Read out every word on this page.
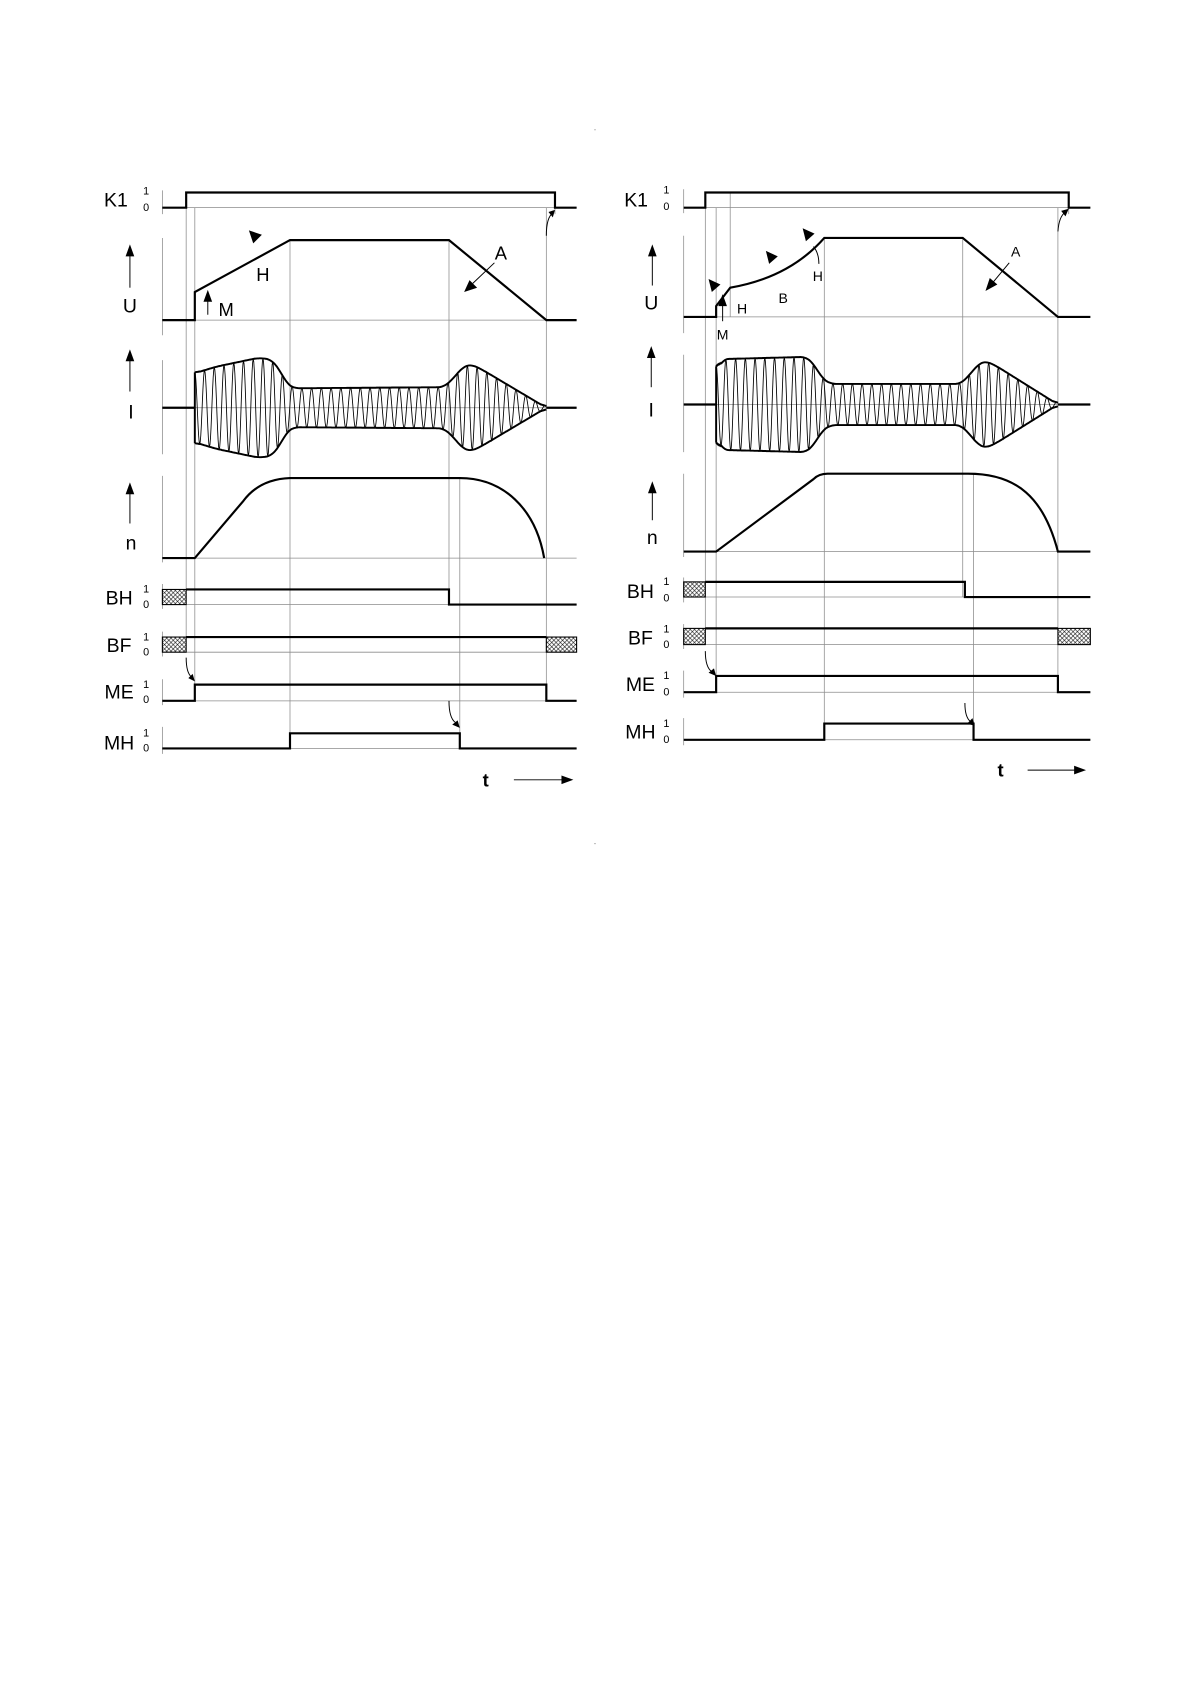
K1 1
0
U
I
n
BH 1
0
BF 1
0
ME 1
0
MH 1
0
H
M
A
t
K1 1
0
U
I
n
BH 1
0
BF 1
0
ME 1
0
MH 1
0
M
H
B
H
A
t
